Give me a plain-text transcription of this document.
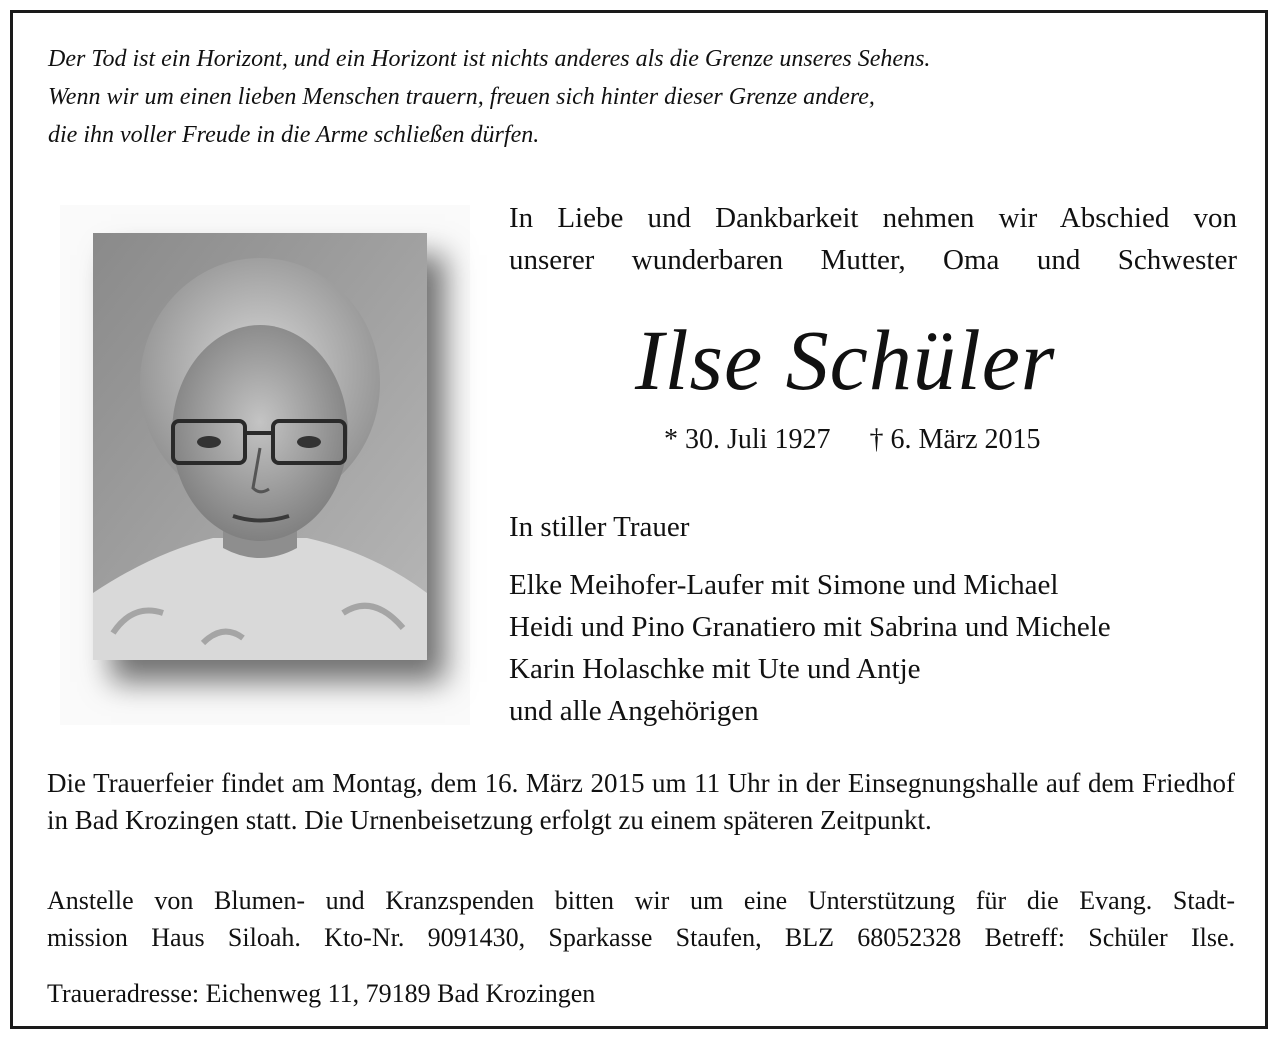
Der Tod ist ein Horizont, und ein Horizont ist nichts anderes als die Grenze unseres Sehens.
Wenn wir um einen lieben Menschen trauern, freuen sich hinter dieser Grenze andere,
die ihn voller Freude in die Arme schließen dürfen.
In Liebe und Dankbarkeit nehmen wir Abschied von
unserer wunderbaren Mutter, Oma und Schwester
Ilse Schüler
* 30. Juli 1927 † 6. März 2015
In stiller Trauer
Elke Meihofer-Laufer mit Simone und Michael
Heidi und Pino Granatiero mit Sabrina und Michele
Karin Holaschke mit Ute und Antje
und alle Angehörigen
Die Trauerfeier findet am Montag, dem 16. März 2015 um 11 Uhr in der Einsegnungshalle auf dem Friedhof in Bad Krozingen statt. Die Urnenbeisetzung erfolgt zu einem späteren Zeitpunkt.
Anstelle von Blumen- und Kranzspenden bitten wir um eine Unterstützung für die Evang. Stadt-
mission Haus Siloah. Kto-Nr. 9091430, Sparkasse Staufen, BLZ 68052328 Betreff: Schüler Ilse.
Traueradresse: Eichenweg 11, 79189 Bad Krozingen
